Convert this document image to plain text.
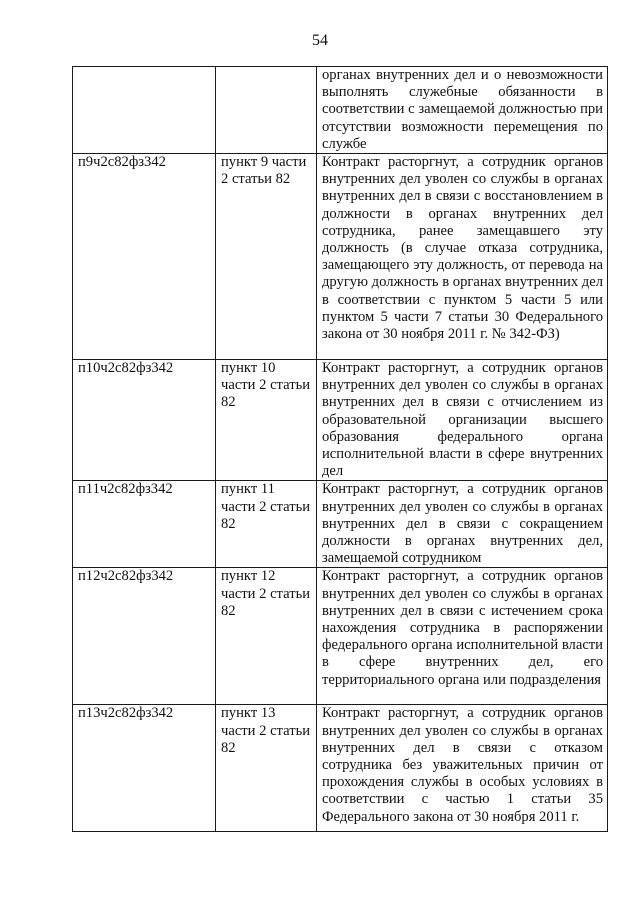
54
		органах внутренних дел и о невозможности выполнять служебные обязанности в соответствии с замещаемой должностью при отсутствии возможности перемещения по службе
п9ч2с82фз342	пункт 9 части 2 статьи 82	Контракт расторгнут, а сотрудник органов внутренних дел уволен со службы в органах внутренних дел в связи с восстановлением в должности в органах внутренних дел сотрудника, ранее замещавшего эту должность (в случае отказа сотрудника, замещающего эту должность, от перевода на другую должность в органах внутренних дел в соответствии с пунктом 5 части 5 или пунктом 5 части 7 статьи 30 Федерального закона от 30 ноября 2011 г. № 342-ФЗ)
п10ч2с82фз342	пункт 10 части 2 статьи 82	Контракт расторгнут, а сотрудник органов внутренних дел уволен со службы в органах внутренних дел в связи с отчислением из образовательной организации высшего образования федерального органа исполнительной власти в сфере внутренних дел
п11ч2с82фз342	пункт 11 части 2 статьи 82	Контракт расторгнут, а сотрудник органов внутренних дел уволен со службы в органах внутренних дел в связи с сокращением должности в органах внутренних дел, замещаемой сотрудником
п12ч2с82фз342	пункт 12 части 2 статьи 82	Контракт расторгнут, а сотрудник органов внутренних дел уволен со службы в органах внутренних дел в связи с истечением срока нахождения сотрудника в распоряжении федерального органа исполнительной власти в сфере внутренних дел, его территориального органа или подразделения
п13ч2с82фз342	пункт 13 части 2 статьи 82	Контракт расторгнут, а сотрудник органов внутренних дел уволен со службы в органах внутренних дел в связи с отказом сотрудника без уважительных причин от прохождения службы в особых условиях в соответствии с частью 1 статьи 35 Федерального закона от 30 ноября 2011 г.
